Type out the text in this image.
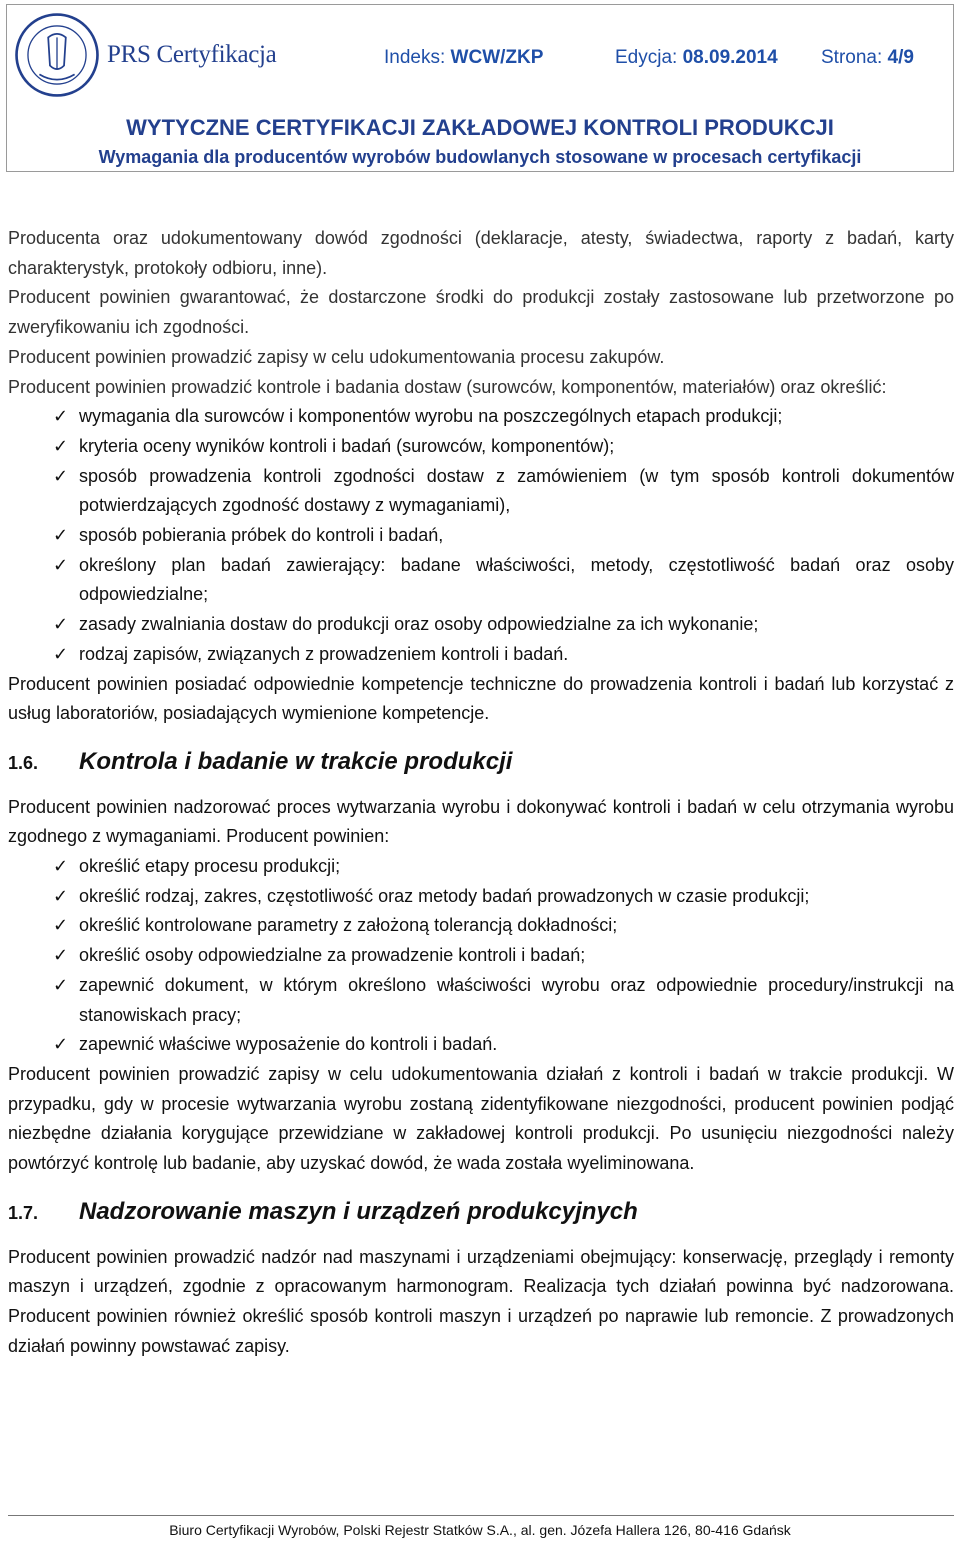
PRS Certyfikacja	Indeks: WCW/ZKP	Edycja: 08.09.2014 Strona: 4/9
WYTYCZNE CERTYFIKACJI ZAKŁADOWEJ KONTROLI PRODUKCJI
Wymagania dla producentów wyrobów budowlanych stosowane w procesach certyfikacji

Producenta oraz udokumentowany dowód zgodności (deklaracje, atesty, świadectwa, raporty z badań, karty charakterystyk, protokoły odbioru, inne).

Producent powinien gwarantować, że dostarczone środki do produkcji zostały zastosowane lub przetworzone po zweryfikowaniu ich zgodności.

Producent powinien prowadzić zapisy w celu udokumentowania procesu zakupów.

Producent powinien prowadzić kontrole i badania dostaw (surowców, komponentów, materiałów) oraz określić:

✓ wymagania dla surowców i komponentów wyrobu na poszczególnych etapach produkcji;
✓ kryteria oceny wyników kontroli i badań (surowców, komponentów);
✓ sposób prowadzenia kontroli zgodności dostaw z zamówieniem (w tym sposób kontroli dokumentów potwierdzających zgodność dostawy z wymaganiami),
✓ sposób pobierania próbek do kontroli i badań,
✓ określony plan badań zawierający: badane właściwości, metody, częstotliwość badań oraz osoby odpowiedzialne;
✓ zasady zwalniania dostaw do produkcji oraz osoby odpowiedzialne za ich wykonanie;
✓ rodzaj zapisów, związanych z prowadzeniem kontroli i badań.

Producent powinien posiadać odpowiednie kompetencje techniczne do prowadzenia kontroli i badań lub korzystać z usług laboratoriów, posiadających wymienione kompetencje.

1.6.	Kontrola i badanie w trakcie produkcji

Producent powinien nadzorować proces wytwarzania wyrobu i dokonywać kontroli i badań w celu otrzymania wyrobu zgodnego z wymaganiami. Producent powinien:

✓ określić etapy procesu produkcji;
✓ określić rodzaj, zakres, częstotliwość oraz metody badań prowadzonych w czasie produkcji;
✓ określić kontrolowane parametry z założoną tolerancją dokładności;
✓ określić osoby odpowiedzialne za prowadzenie kontroli i badań;
✓ zapewnić dokument, w którym określono właściwości wyrobu oraz odpowiednie procedury/instrukcji na stanowiskach pracy;
✓ zapewnić właściwe wyposażenie do kontroli i badań.

Producent powinien prowadzić zapisy w celu udokumentowania działań z kontroli i badań w trakcie produkcji. W przypadku, gdy w procesie wytwarzania wyrobu zostaną zidentyfikowane niezgodności, producent powinien podjąć niezbędne działania korygujące przewidziane w zakładowej kontroli produkcji. Po usunięciu niezgodności należy powtórzyć kontrolę lub badanie, aby uzyskać dowód, że wada została wyeliminowana.

1.7.	Nadzorowanie maszyn i urządzeń produkcyjnych

Producent powinien prowadzić nadzór nad maszynami i urządzeniami obejmujący: konserwację, przeglądy i remonty maszyn i urządzeń, zgodnie z opracowanym harmonogram. Realizacja tych działań powinna być nadzorowana. Producent powinien również określić sposób kontroli maszyn i urządzeń po naprawie lub remoncie. Z prowadzonych działań powinny powstawać zapisy.

Biuro Certyfikacji Wyrobów, Polski Rejestr Statków S.A., al. gen. Józefa Hallera 126, 80-416 Gdańsk
